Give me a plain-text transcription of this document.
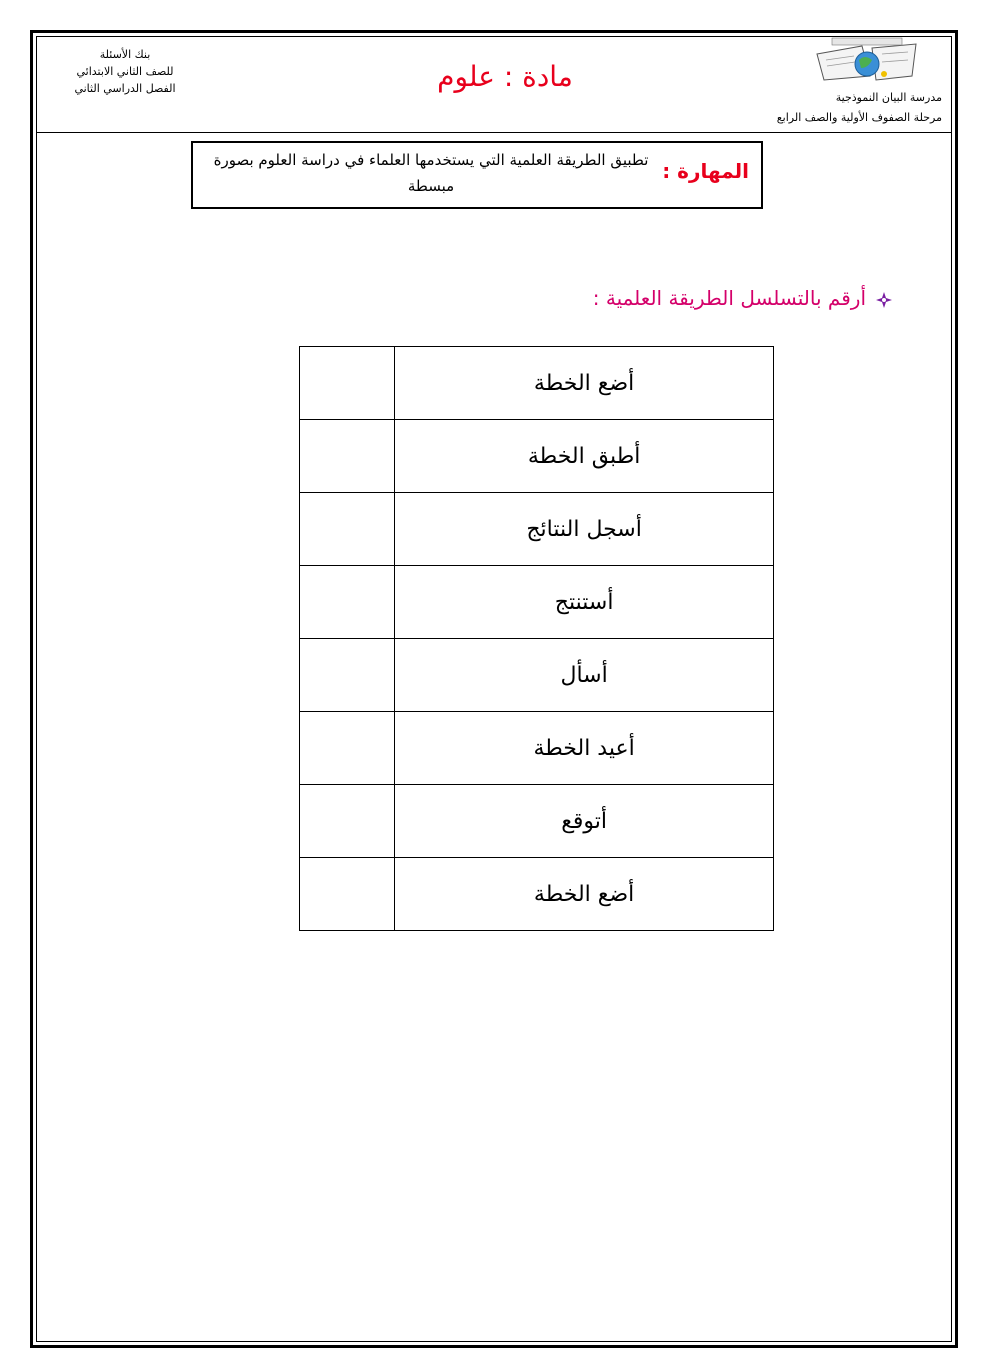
بنك الأسئلة
للصف الثاني الابتدائي
الفصل الدراسي الثاني	مادة : علوم
مدرسة البيان النموذجية
مرحلة الصفوف الأولية والصف الرابع
المهارة :
تطبيق الطريقة العلمية التي يستخدمها العلماء في دراسة العلوم بصورة مبسطة
أرقم بالتسلسل الطريقة العلمية :
أضع الخطة	
أطبق الخطة	
أسجل النتائج	
أستنتج	
أسأل	
أعيد الخطة	
أتوقع	
أضع الخطة	
